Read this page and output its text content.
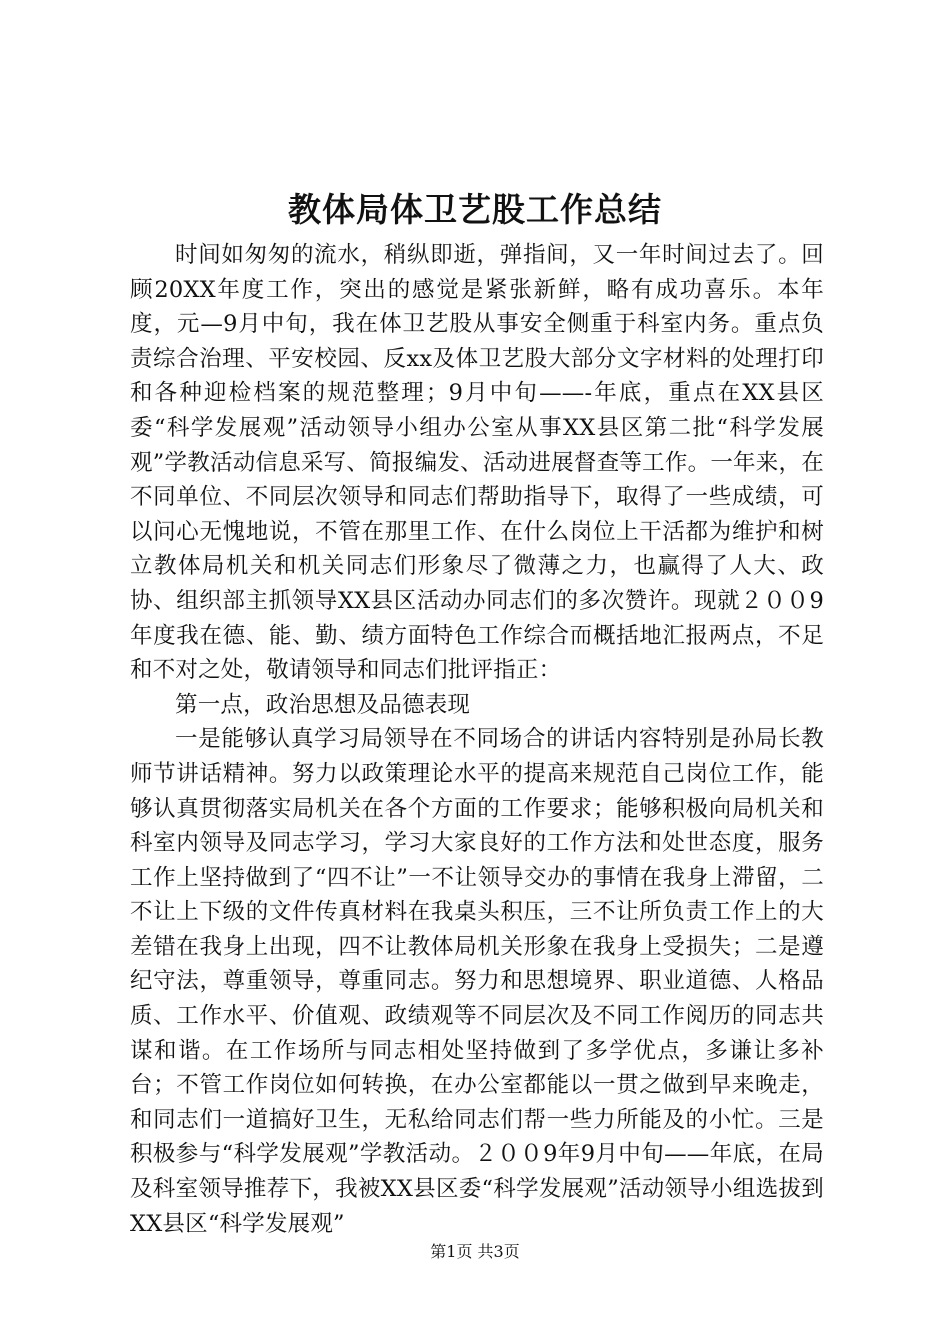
教体局体卫艺股工作总结

时间如匆匆的流水，稍纵即逝，弹指间，又一年时间过去了。回顾20XX年度工作，突出的感觉是紧张新鲜，略有成功喜乐。本年度，元—9月中旬，我在体卫艺股从事安全侧重于科室内务。重点负责综合治理、平安校园、反xx及体卫艺股大部分文字材料的处理打印和各种迎检档案的规范整理；9月中旬——-年底，重点在XX县区委“科学发展观”活动领导小组办公室从事XX县区第二批“科学发展观”学教活动信息采写、简报编发、活动进展督查等工作。一年来，在不同单位、不同层次领导和同志们帮助指导下，取得了一些成绩，可以问心无愧地说，不管在那里工作、在什么岗位上干活都为维护和树立教体局机关和机关同志们形象尽了微薄之力，也赢得了人大、政协、组织部主抓领导XX县区活动办同志们的多次赞许。现就２００9年度我在德、能、勤、绩方面特色工作综合而概括地汇报两点，不足和不对之处，敬请领导和同志们批评指正：

第一点，政治思想及品德表现

一是能够认真学习局领导在不同场合的讲话内容特别是孙局长教师节讲话精神。努力以政策理论水平的提高来规范自己岗位工作，能够认真贯彻落实局机关在各个方面的工作要求；能够积极向局机关和科室内领导及同志学习，学习大家良好的工作方法和处世态度，服务工作上坚持做到了“四不让”一不让领导交办的事情在我身上滞留，二不让上下级的文件传真材料在我桌头积压，三不让所负责工作上的大差错在我身上出现，四不让教体局机关形象在我身上受损失；二是遵纪守法，尊重领导，尊重同志。努力和思想境界、职业道德、人格品质、工作水平、价值观、政绩观等不同层次及不同工作阅历的同志共谋和谐。在工作场所与同志相处坚持做到了多学优点，多谦让多补台；不管工作岗位如何转换，在办公室都能以一贯之做到早来晚走，和同志们一道搞好卫生，无私给同志们帮一些力所能及的小忙。三是积极参与“科学发展观”学教活动。２００9年9月中旬——年底，在局及科室领导推荐下，我被XX县区委“科学发展观”活动领导小组选拔到XX县区“科学发展观”

第1页 共3页
